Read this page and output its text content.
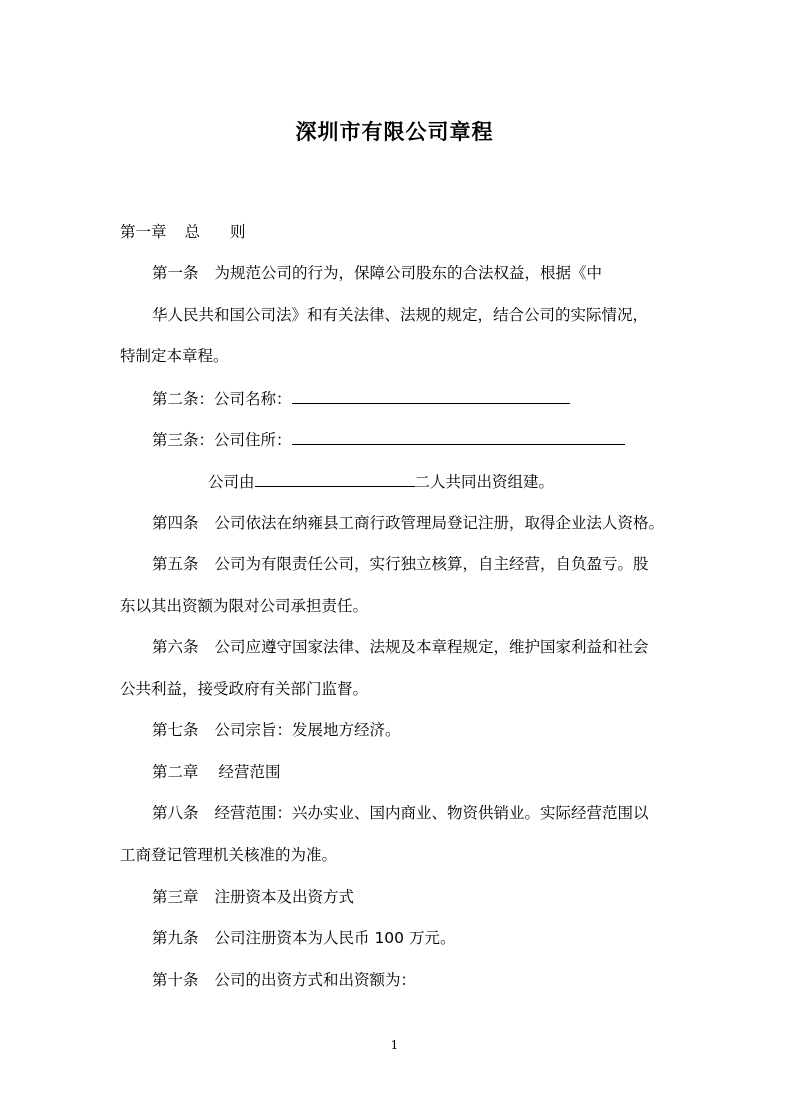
深圳市有限公司章程
第一章 总 则
第一条 为规范公司的行为，保障公司股东的合法权益，根据《中
华人民共和国公司法》和有关法律、法规的规定，结合公司的实际情况，
特制定本章程。
第二条：公司名称：
第三条：公司住所：
公司由	二人共同出资组建。
第四条 公司依法在纳雍县工商行政管理局登记注册，取得企业法人资格。
第五条 公司为有限责任公司，实行独立核算，自主经营，自负盈亏。股
东以其出资额为限对公司承担责任。
第六条 公司应遵守国家法律、法规及本章程规定，维护国家利益和社会
公共利益，接受政府有关部门监督。
第七条 公司宗旨：发展地方经济。
第二章 经营范围
第八条 经营范围：兴办实业、国内商业、物资供销业。实际经营范围以
工商登记管理机关核准的为准。
第三章 注册资本及出资方式
第九条 公司注册资本为人民币 100 万元。
第十条 公司的出资方式和出资额为：
1
